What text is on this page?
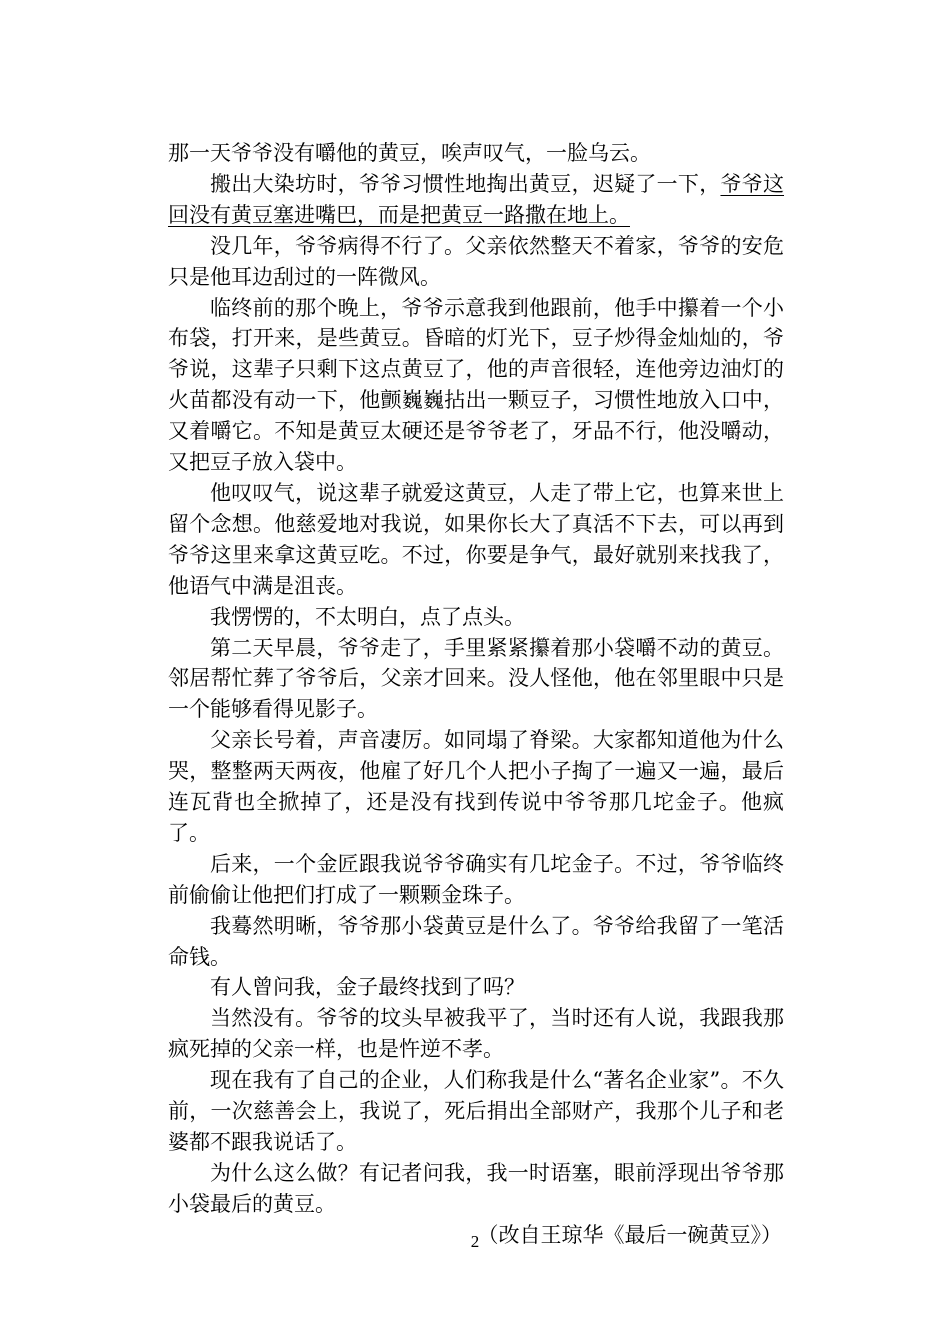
那一天爷爷没有嚼他的黄豆，唉声叹气，一脸乌云。

搬出大染坊时，爷爷习惯性地掏出黄豆，迟疑了一下，爷爷这回没有黄豆塞进嘴巴，而是把黄豆一路撒在地上。

没几年，爷爷病得不行了。父亲依然整天不着家，爷爷的安危只是他耳边刮过的一阵微风。

临终前的那个晚上，爷爷示意我到他跟前，他手中攥着一个小布袋，打开来，是些黄豆。昏暗的灯光下，豆子炒得金灿灿的，爷爷说，这辈子只剩下这点黄豆了，他的声音很轻，连他旁边油灯的火苗都没有动一下，他颤巍巍拈出一颗豆子，习惯性地放入口中，又着嚼它。不知是黄豆太硬还是爷爷老了，牙品不行，他没嚼动，又把豆子放入袋中。

他叹叹气，说这辈子就爱这黄豆，人走了带上它，也算来世上留个念想。他慈爱地对我说，如果你长大了真活不下去，可以再到爷爷这里来拿这黄豆吃。不过，你要是争气，最好就别来找我了，他语气中满是沮丧。

我愣愣的，不太明白，点了点头。

第二天早晨，爷爷走了，手里紧紧攥着那小袋嚼不动的黄豆。邻居帮忙葬了爷爷后，父亲才回来。没人怪他，他在邻里眼中只是一个能够看得见影子。

父亲长号着，声音凄厉。如同塌了脊梁。大家都知道他为什么哭，整整两天两夜，他雇了好几个人把小子掏了一遍又一遍，最后连瓦背也全掀掉了，还是没有找到传说中爷爷那几坨金子。他疯了。

后来，一个金匠跟我说爷爷确实有几坨金子。不过，爷爷临终前偷偷让他把们打成了一颗颗金珠子。

我蓦然明晰，爷爷那小袋黄豆是什么了。爷爷给我留了一笔活命钱。

有人曾问我，金子最终找到了吗？

当然没有。爷爷的坟头早被我平了，当时还有人说，我跟我那疯死掉的父亲一样，也是忤逆不孝。

现在我有了自己的企业，人们称我是什么“著名企业家”。不久前，一次慈善会上，我说了，死后捐出全部财产，我那个儿子和老婆都不跟我说话了。

为什么这么做？有记者问我，我一时语塞，眼前浮现出爷爷那小袋最后的黄豆。

（改自王琼华《最后一碗黄豆》）

2
